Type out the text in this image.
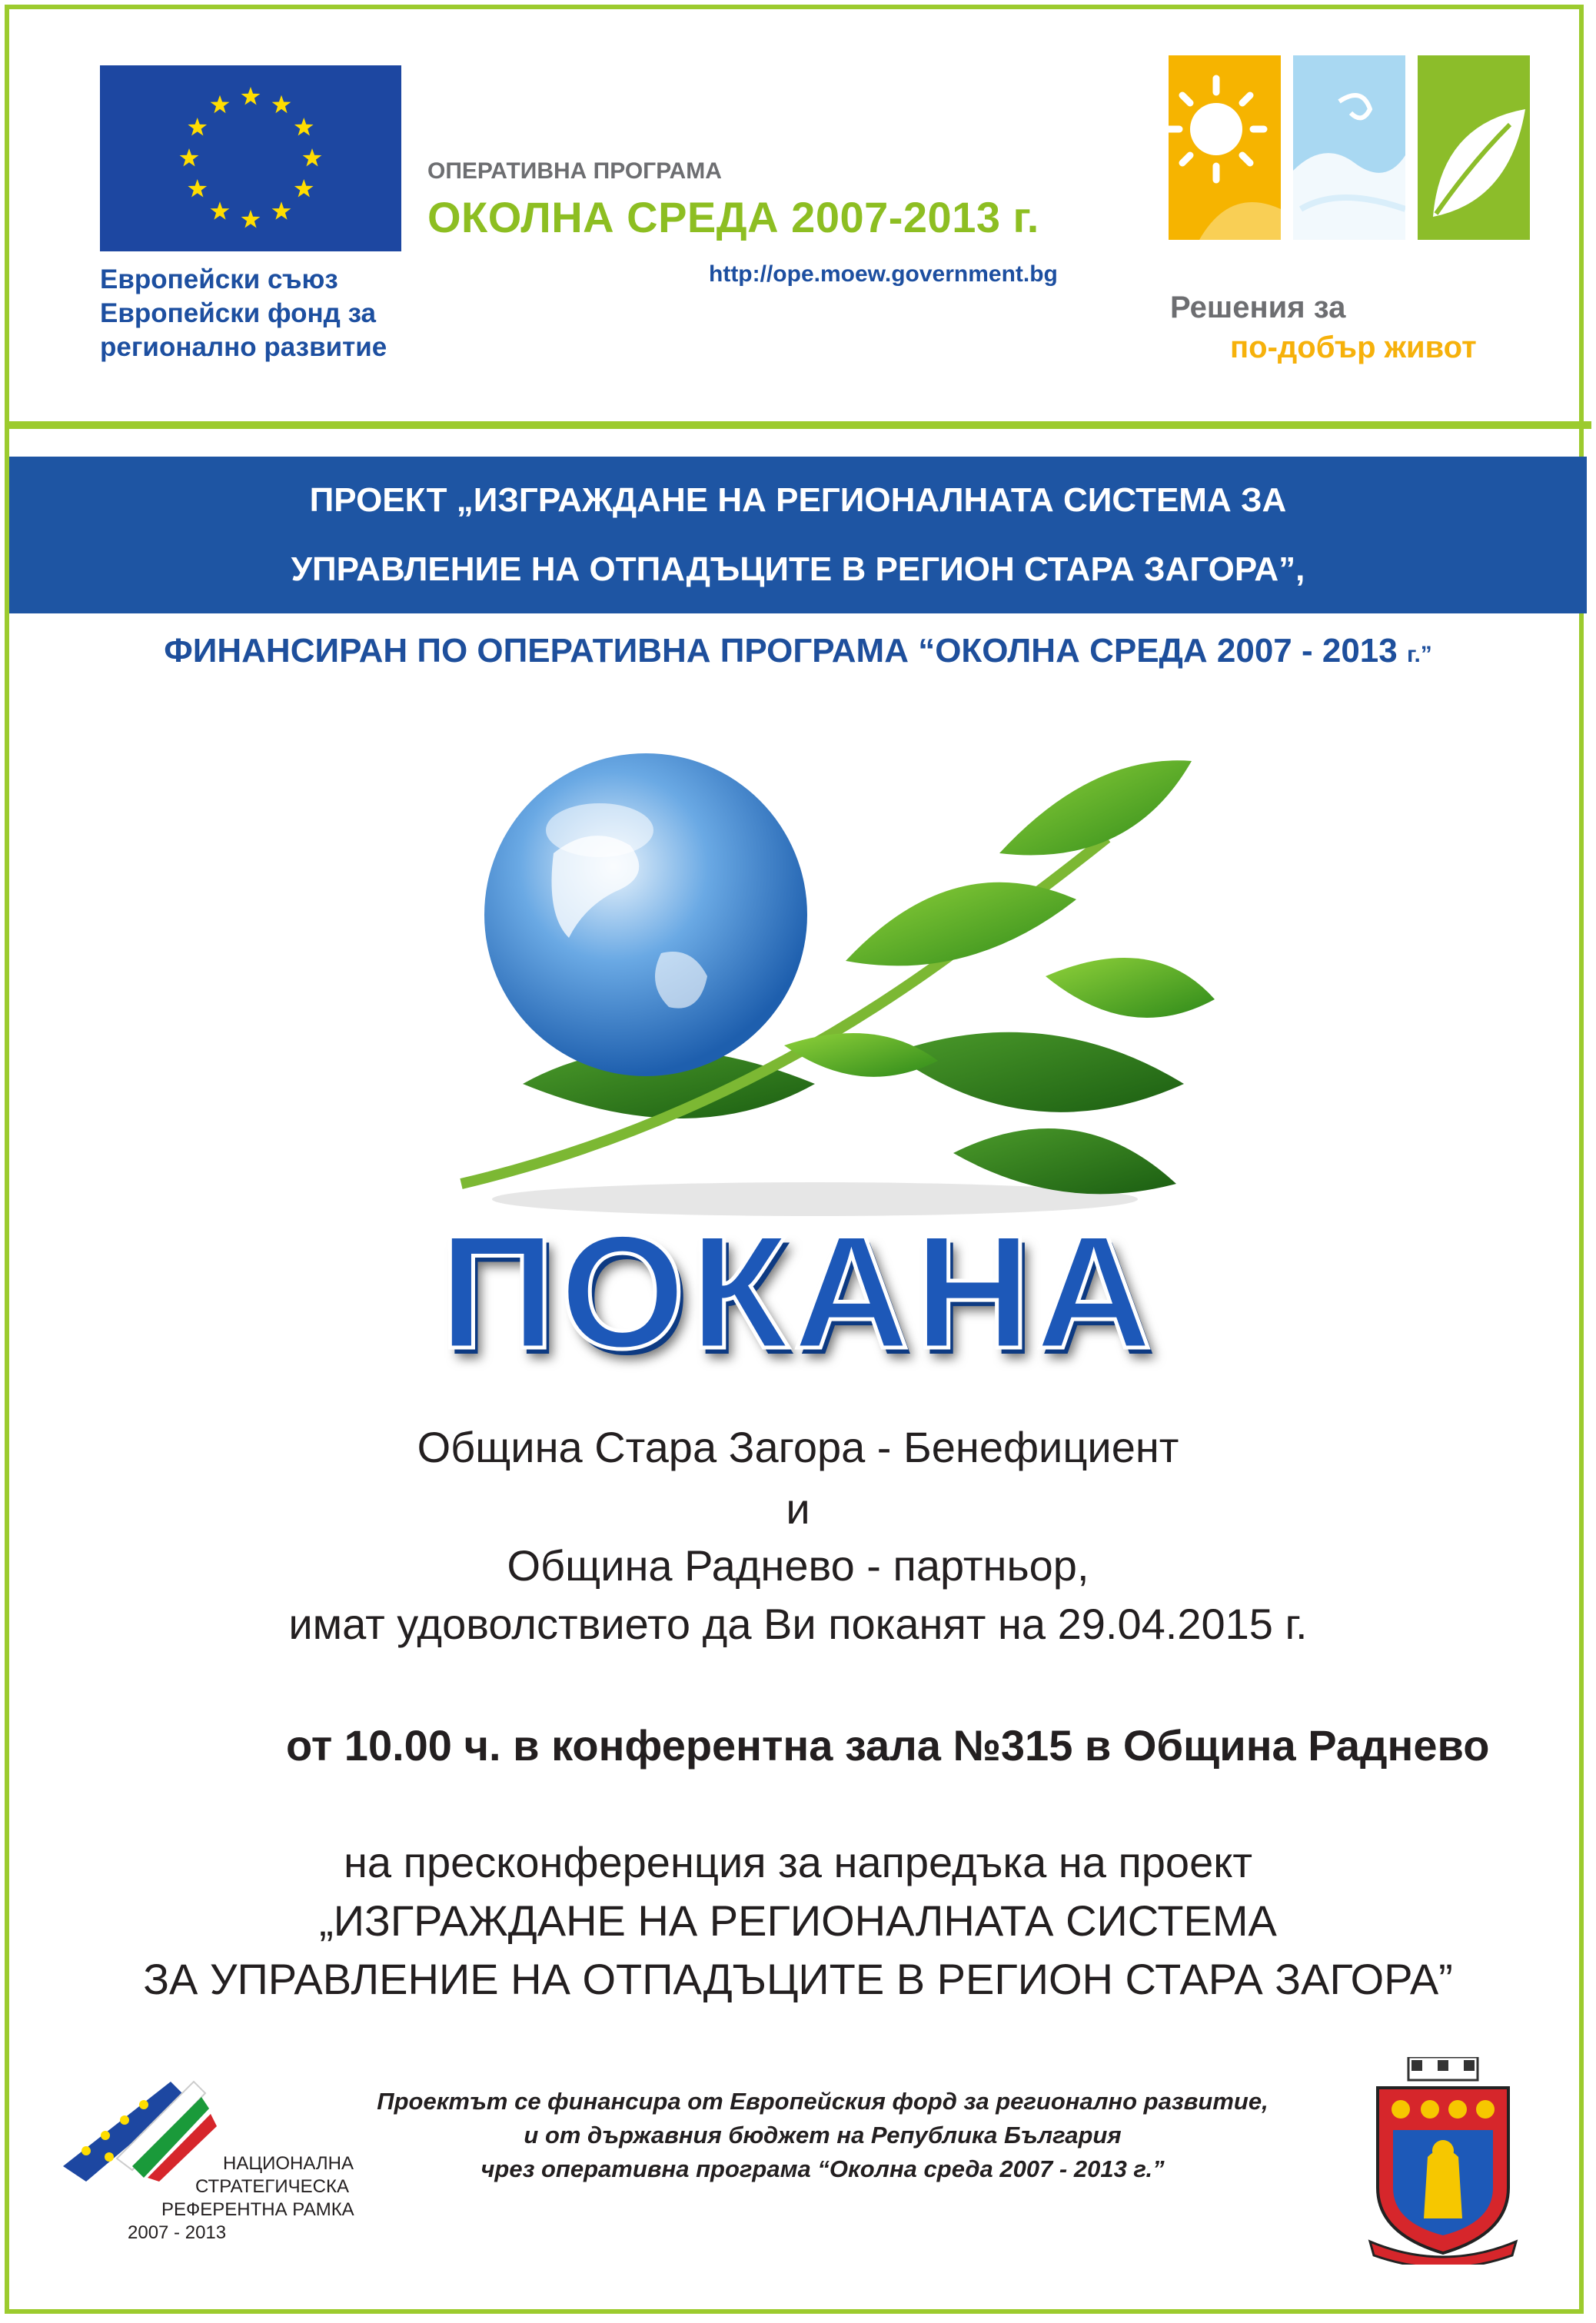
Европейски съюз
Европейски фонд за
регионално развитие
ОПЕРАТИВНА ПРОГРАМА
ОКОЛНА СРЕДА 2007-2013 г.
http://ope.moew.government.bg
Решения за
по-добър живот
ПРОЕКТ „ИЗГРАЖДАНЕ НА РЕГИОНАЛНАТА СИСТЕМА ЗА
УПРАВЛЕНИЕ НА ОТПАДЪЦИТЕ В РЕГИОН СТАРА ЗАГОРА”,
ФИНАНСИРАН ПО ОПЕРАТИВНА ПРОГРАМА “ОКОЛНА СРЕДА 2007 - 2013 г.”
ПОКАНА
Община Стара Загора - Бенефициент
и
Община Раднево - партньор,
имат удоволствието да Ви поканят на 29.04.2015 г.
от 10.00 ч. в конферентна зала №315 в Община Раднево
на пресконференция за напредъка на проект
„ИЗГРАЖДАНЕ НА РЕГИОНАЛНАТА СИСТЕМА
ЗА УПРАВЛЕНИЕ НА ОТПАДЪЦИТЕ В РЕГИОН СТАРА ЗАГОРА”
НАЦИОНАЛНА
СТРАТЕГИЧЕСКА
РЕФЕРЕНТНА РАМКА
2007 - 2013
Проектът се финансира от Европейския форд за регионално развитие,
и от държавния бюджет на Република България
чрез оперативна програма “Околна среда 2007 - 2013 г.”
